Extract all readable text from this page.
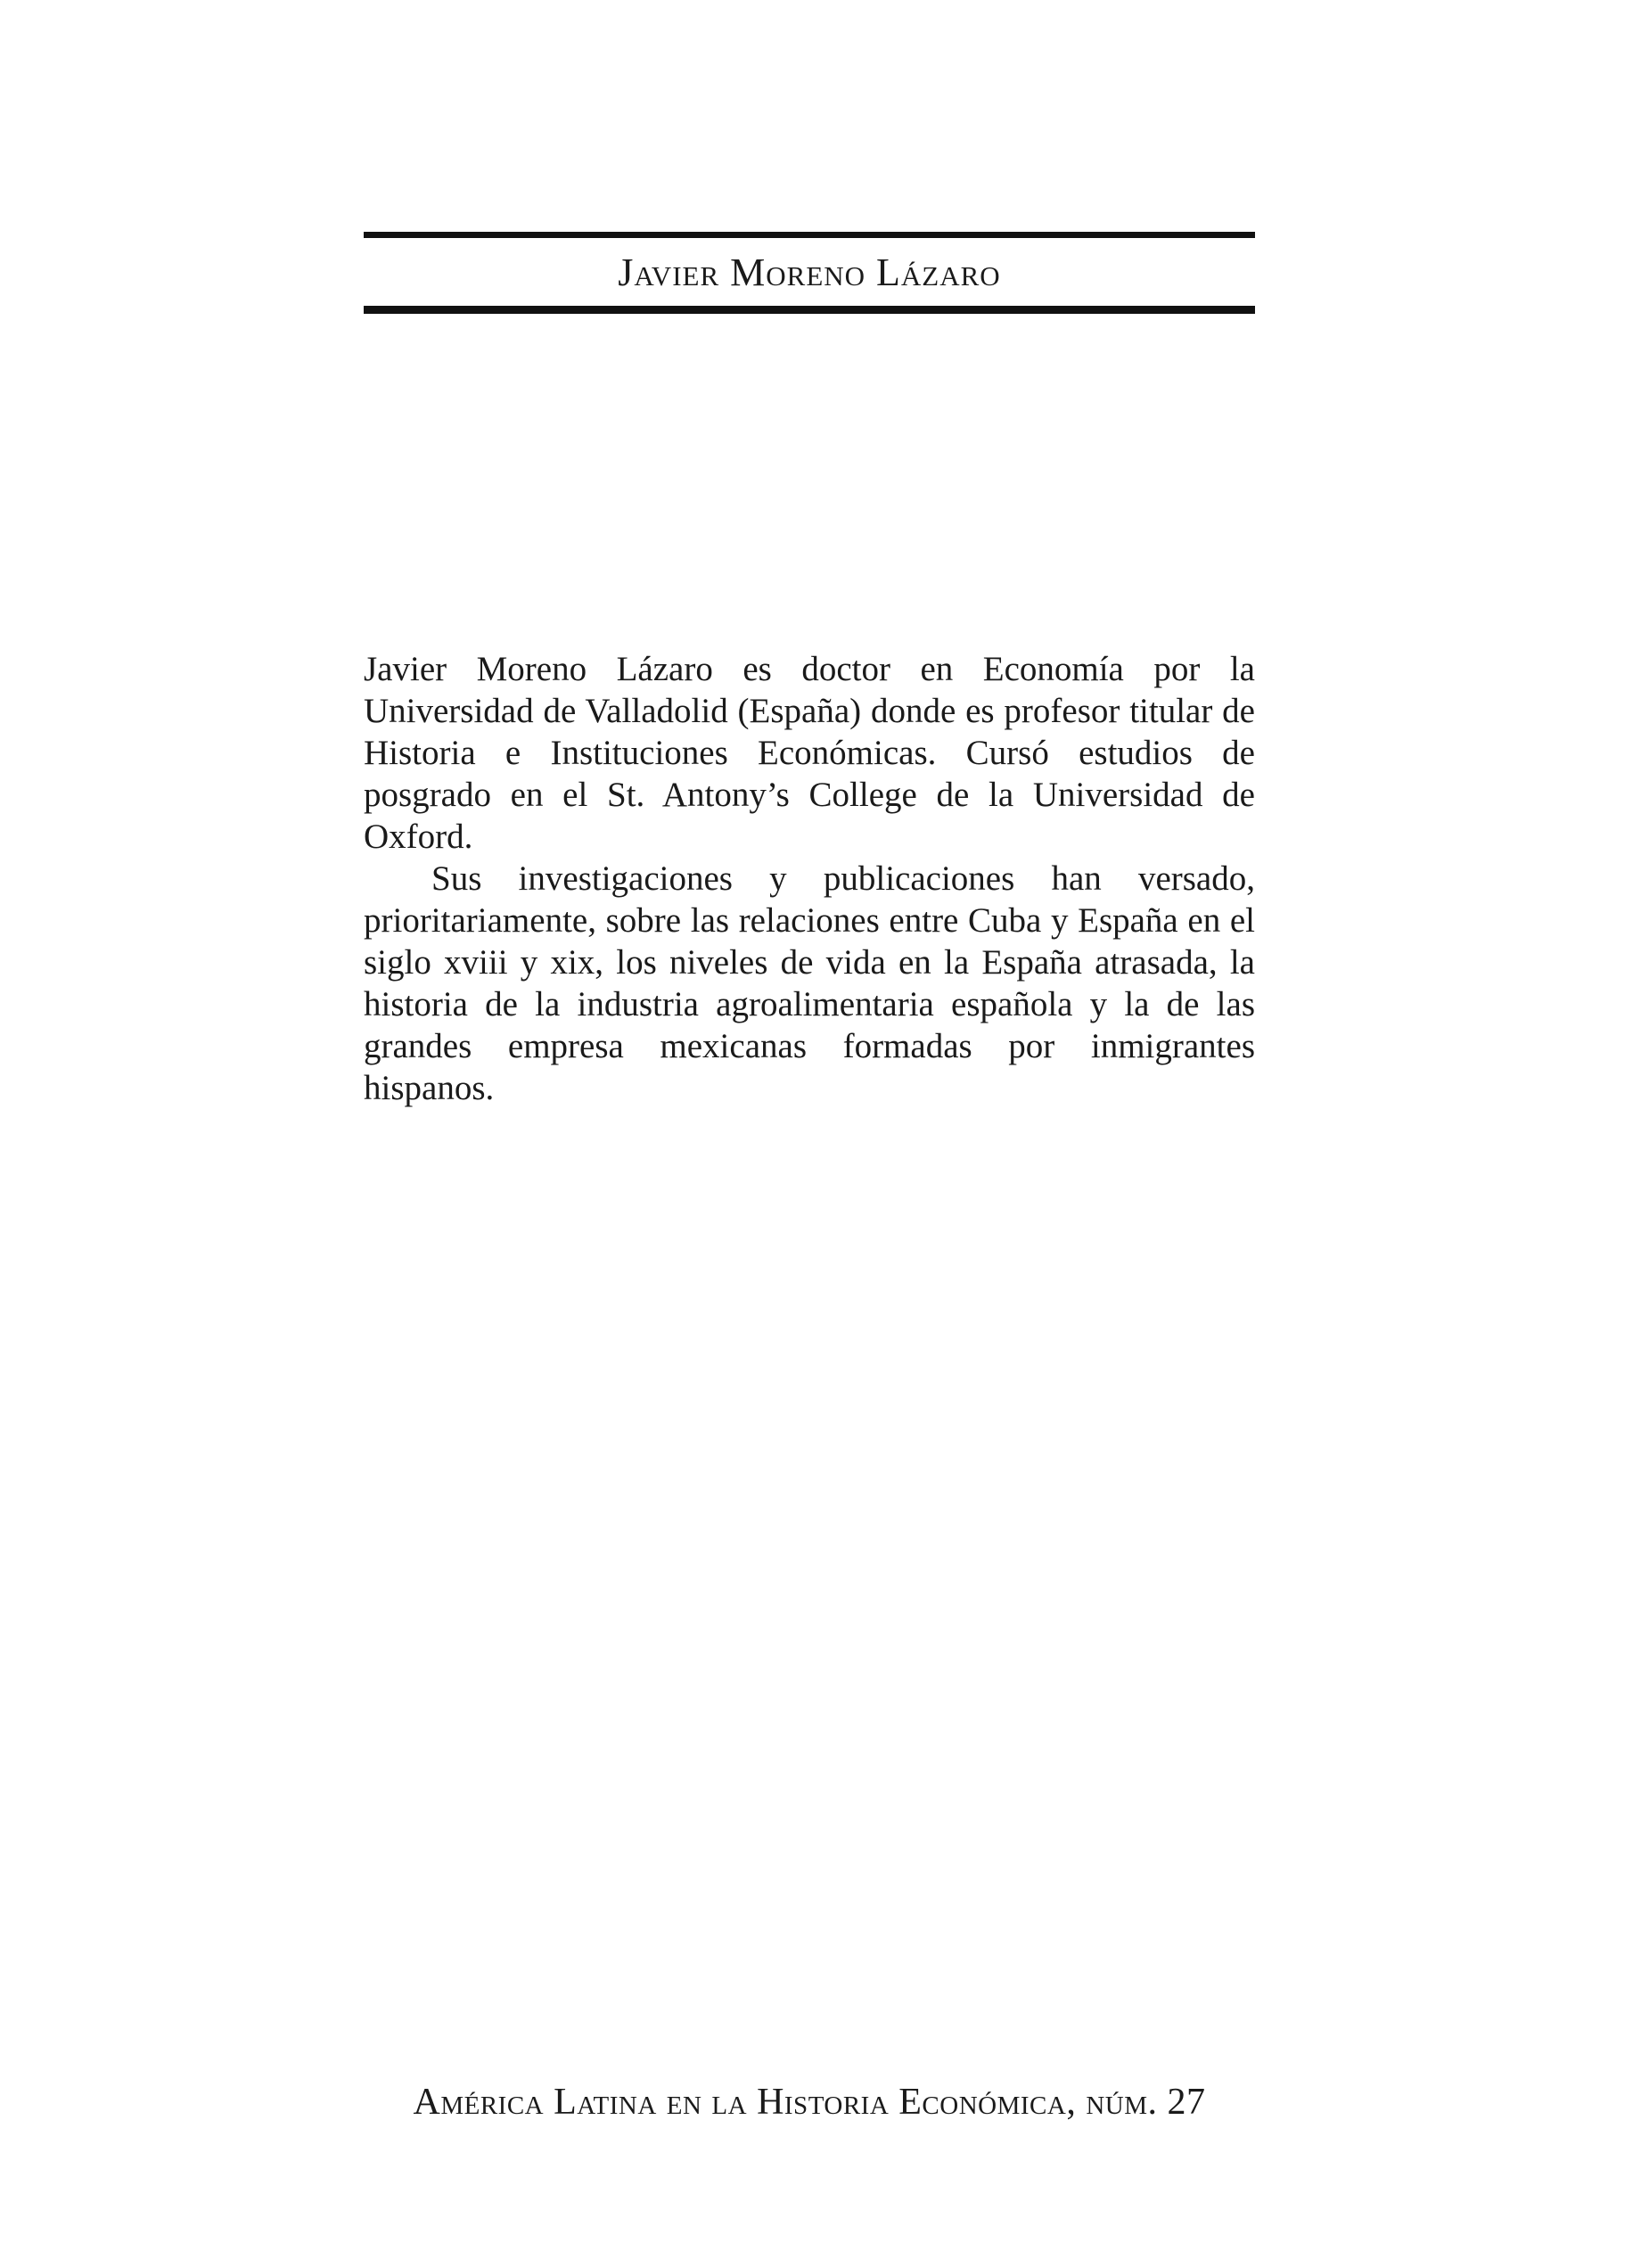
Javier Moreno Lázaro

Javier Moreno Lázaro es doctor en Economía por la Universidad de Valladolid (España) donde es profesor titular de Historia e Instituciones Económicas. Cursó estudios de posgrado en el St. Antony’s College de la Universidad de Oxford.

Sus investigaciones y publicaciones han versado, prioritariamente, sobre las relaciones entre Cuba y España en el siglo xviii y xix, los niveles de vida en la España atrasada, la historia de la industria agroalimentaria española y la de las grandes empresa mexicanas formadas por inmigrantes hispanos.

América Latina en la Historia Económica, núm. 27
